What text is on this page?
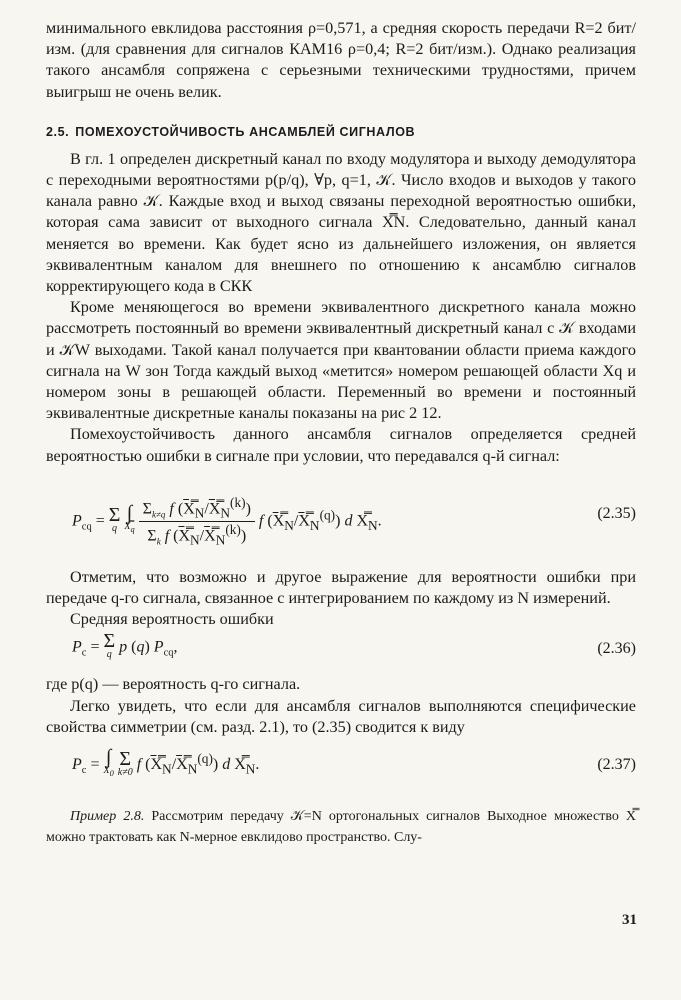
минимального евклидова расстояния ρ=0,571, а средняя скорость передачи R=2 бит/изм. (для сравнения для сигналов КАМ16 ρ=0,4; R=2 бит/изм.). Однако реализация такого ансамбля сопряжена с серьезными техническими трудностями, причем выигрыш не очень велик.

2.5. ПОМЕХОУСТОЙЧИВОСТЬ АНСАМБЛЕЙ СИГНАЛОВ

В гл. 1 определен дискретный канал по входу модулятора и выходу демодулятора с переходными вероятностями p(p/q), ∀p, q=1, 𝒦. Число входов и выходов у такого канала равно 𝒦. Каждые вход и выход связаны переходной вероятностью ошибки, которая сама зависит от выходного сигнала X̿N. Следовательно, данный канал меняется во времени. Как будет ясно из дальнейшего изложения, он является эквивалентным каналом для внешнего по отношению к ансамблю сигналов корректирующего кода в СКК

Кроме меняющегося во времени эквивалентного дискретного канала можно рассмотреть постоянный во времени эквивалентный дискретный канал с 𝒦 входами и 𝒦W выходами. Такой канал получается при квантовании области приема каждого сигнала на W зон Тогда каждый выход «метится» номером решающей области Xq и номером зоны в решающей области. Переменный во времени и постоянный эквивалентные дискретные каналы показаны на рис 2 12.

Помехоустойчивость данного ансамбля сигналов определяется средней вероятностью ошибки в сигнале при условии, что передавался q-й сигнал:

$P_{cq} = \Sigma$
q

∫
$X̿_q$
$\frac{\Sigma_{k\ne q} f (X̿_N/X̿_N^{(k)})}{\Sigma_k f (X̿_N/X̿_N^{(k)})}$ f $(X̿_N/X̿_N^{(q)})$ d $X̿_N$.	(2.35)

Отметим, что возможно и другое выражение для вероятности ошибки при передаче q-го сигнала, связанное с интегрированием по каждому из N измерений.

Средняя вероятность ошибки

$P_c = \Sigma$
q p (q) $P_{cq}$,	(2.36)

где p(q) — вероятность q-го сигнала.

Легко увидеть, что если для ансамбля сигналов выполняются специфические свойства симметрии (см. разд. 2.1), то (2.35) сводится к виду

$P_c$ = ∫
$X_0$

Σ
k≠0 f $(X̿_N/X̿_N^{(q)})$ d $X̿_N$.	(2.37)

Пример 2.8. Рассмотрим передачу 𝒦=N ортогональных сигналов Выходное множество X̿ можно трактовать как N-мерное евклидово пространство. Слу-

31
